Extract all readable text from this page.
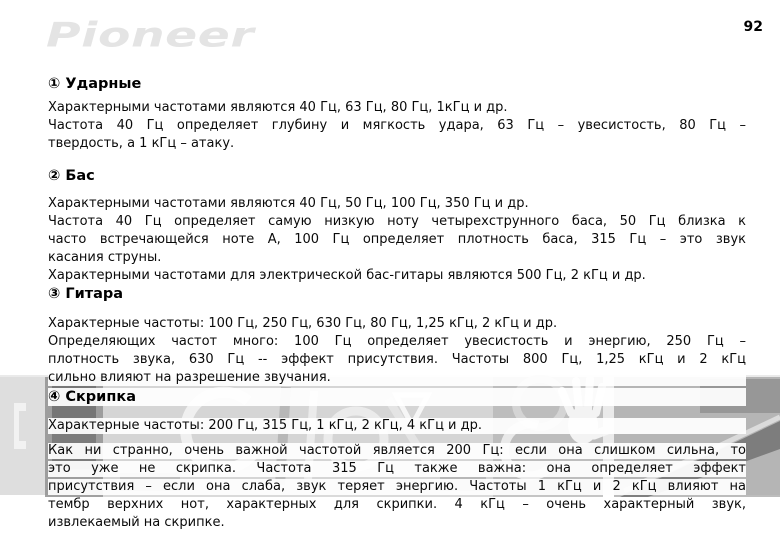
Pioneer	92
① Ударные
Характерными частотами являются 40 Гц, 63 Гц, 80 Гц, 1кГц и др.
Частота 40 Гц определяет глубину и мягкость удара, 63 Гц – увесистость, 80 Гц –
твердость, а 1 кГц – атаку.
② Бас
Характерными частотами являются 40 Гц, 50 Гц, 100 Гц, 350 Гц и др.
Частота 40 Гц определяет самую низкую ноту четырехструнного баса, 50 Гц близка к
часто встречающейся ноте А, 100 Гц определяет плотность баса, 315 Гц – это звук
касания струны.
Характерными частотами для электрической бас-гитары являются 500 Гц, 2 кГц и др.
③ Гитара
Характерные частоты: 100 Гц, 250 Гц, 630 Гц, 80 Гц, 1,25 кГц, 2 кГц и др.
Определяющих частот много: 100 Гц определяет увесистость и энергию, 250 Гц –
плотность звука, 630 Гц -- эффект присутствия. Частоты 800 Гц, 1,25 кГц и 2 кГц
сильно влияют на разрешение звучания.
④ Скрипка
Характерные частоты: 200 Гц, 315 Гц, 1 кГц, 2 кГц, 4 кГц и др.
Как ни странно, очень важной частотой является 200 Гц: если она слишком сильна, то
это уже не скрипка. Частота 315 Гц также важна: она определяет эффект
присутствия – если она слаба, звук теряет энергию. Частоты 1 кГц и 2 кГц влияют на
тембр верхних нот, характерных для скрипки. 4 кГц – очень характерный звук,
извлекаемый на скрипке.
